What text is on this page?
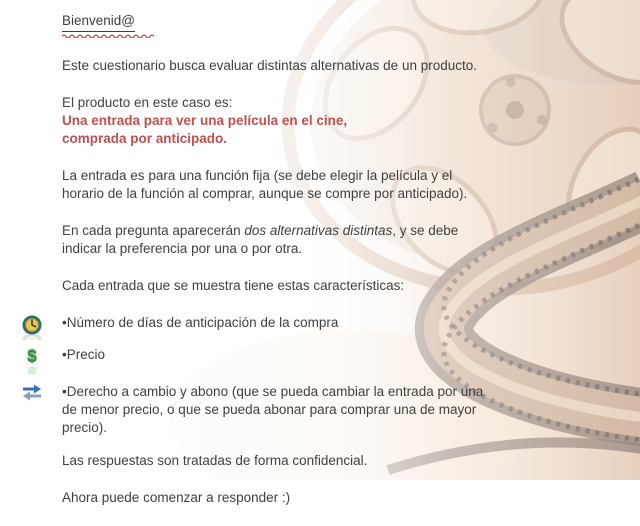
Bienvenid@

Este cuestionario busca evaluar distintas alternativas de un producto.

El producto en este caso es:

Una entrada para ver una película en el cine,
comprada por anticipado.

La entrada es para una función fija (se debe elegir la película y el
horario de la función al comprar, aunque se compre por anticipado).

En cada pregunta aparecerán dos alternativas distintas, y se debe
indicar la preferencia por una o por otra.

Cada entrada que se muestra tiene estas características:

•Número de días de anticipación de la compra
$
$
•Precio
•Derecho a cambio y abono (que se pueda cambiar la entrada por una
de menor precio, o que se pueda abonar para comprar una de mayor
precio).

Las respuestas son tratadas de forma confidencial.

Ahora puede comenzar a responder :)
